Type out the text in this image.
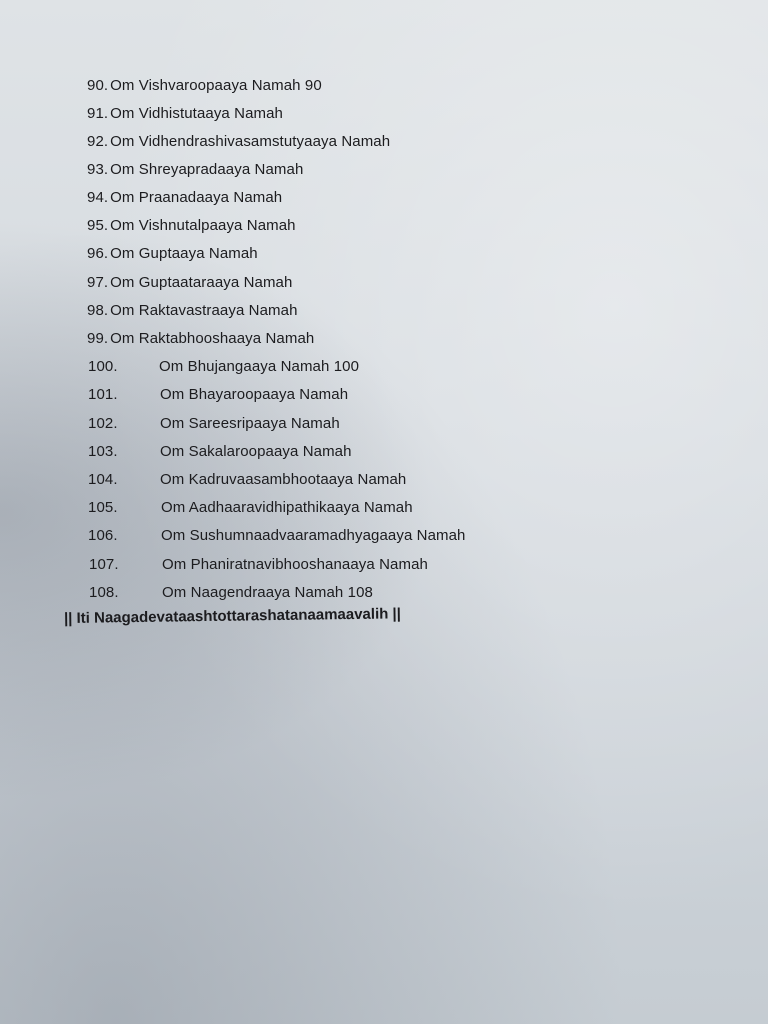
90. Om Vishvaroopaaya Namah 90
91. Om Vidhistutaaya Namah
92. Om Vidhendrashivasamstutyaaya Namah
93. Om Shreyapradaaya Namah
94. Om Praanadaaya Namah
95. Om Vishnutalpaaya Namah
96. Om Guptaaya Namah
97. Om Guptaataraaya Namah
98. Om Raktavastraaya Namah
99. Om Raktabhooshaaya Namah
100.	Om Bhujangaaya Namah 100
101.	Om Bhayaroopaaya Namah
102.	Om Sareesripaaya Namah
103.	Om Sakalaroopaaya Namah
104.	Om Kadruvaasambhootaaya Namah
105.	Om Aadhaaravidhipathikaaya Namah
106.	Om Sushumnaadvaaramadhyagaaya Namah
107.	Om Phaniratnavibhooshanaaya Namah
108.	Om Naagendraaya Namah 108
|| Iti Naagadevataashtottarashatanaamaavalih ||
